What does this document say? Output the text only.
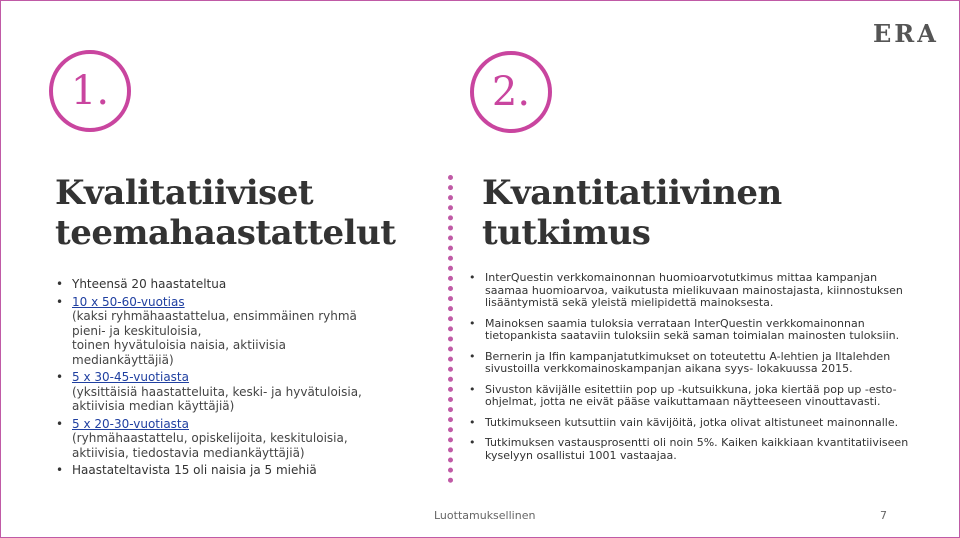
ERA
1.	2.
Kvalitatiiviset
teemahaastattelut
Kvantitatiivinen
tutkimus
• Yhteensä 20 haastateltua
• 10 x 50-60-vuotias
(kaksi ryhmähaastattelua, ensimmäinen ryhmä
pieni- ja keskituloisia,
toinen hyvätuloisia naisia, aktiivisia
mediankäyttäjiä)
• 5 x 30-45-vuotiasta
(yksittäisiä haastatteluita, keski- ja hyvätuloisia,
aktiivisia median käyttäjiä)
• 5 x 20-30-vuotiasta
(ryhmähaastattelu, opiskelijoita, keskituloisia,
aktiivisia, tiedostavia mediankäyttäjiä)
• Haastateltavista 15 oli naisia ja 5 miehiä
• InterQuestin verkkomainonnan huomioarvotutkimus mittaa kampanjan
saamaa huomioarvoa, vaikutusta mielikuvaan mainostajasta, kiinnostuksen
lisääntymistä sekä yleistä mielipidettä mainoksesta.
• Mainoksen saamia tuloksia verrataan InterQuestin verkkomainonnan
tietopankista saataviin tuloksiin sekä saman toimialan mainosten tuloksiin.
• Bernerin ja Ifin kampanjatutkimukset on toteutettu A-lehtien ja Iltalehden
sivustoilla verkkomainoskampanjan aikana syys- lokakuussa 2015.
• Sivuston kävijälle esitettiin pop up -kutsuikkuna, joka kiertää pop up -esto-
ohjelmat, jotta ne eivät pääse vaikuttamaan näytteeseen vinouttavasti.
• Tutkimukseen kutsuttiin vain kävijöitä, jotka olivat altistuneet mainonnalle.
• Tutkimuksen vastausprosentti oli noin 5%. Kaiken kaikkiaan kvantitatiiviseen
kyselyyn osallistui 1001 vastaajaa.
Luottamuksellinen	7
